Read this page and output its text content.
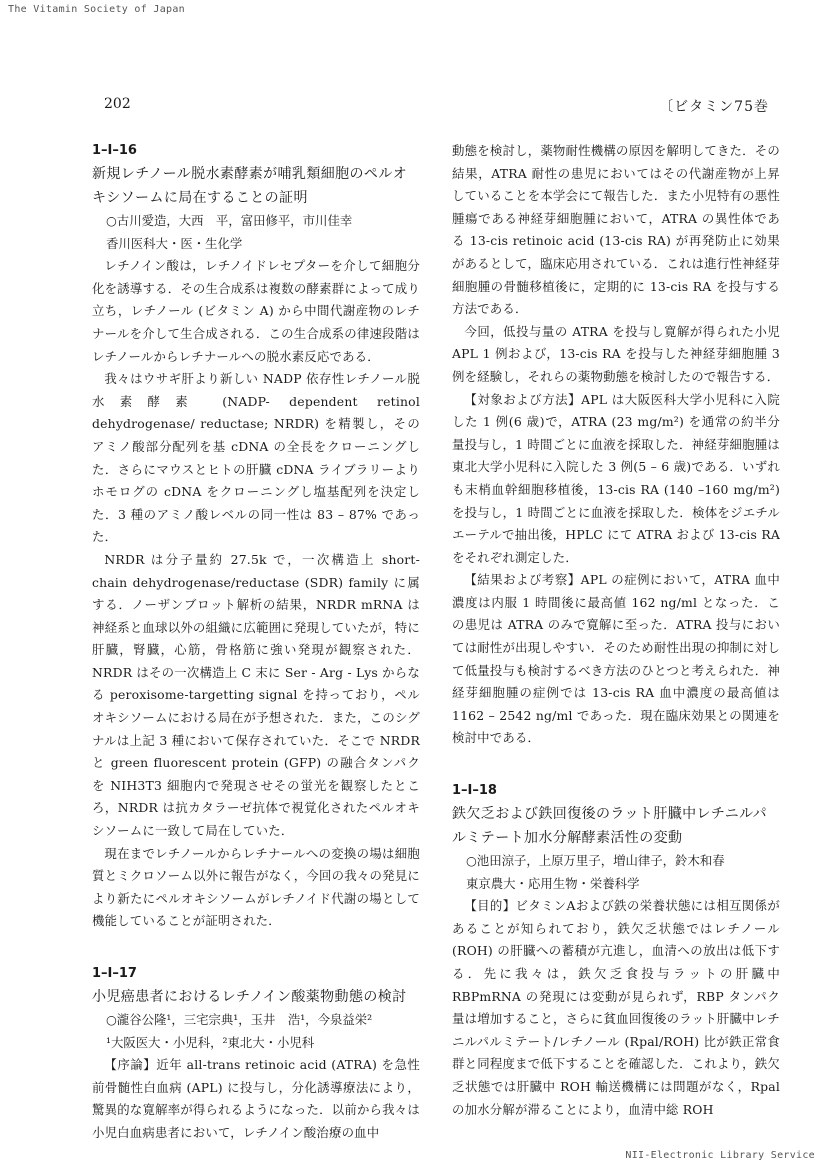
The Vitamin Society of Japan
202	〔ビタミン75巻

1–I–16

新規レチノール脱水素酵素が哺乳類細胞のペルオキシソームに局在することの証明

○古川愛造，大西　平，富田修平，市川佳幸

香川医科大・医・生化学

レチノイン酸は，レチノイドレセプターを介して細胞分化を誘導する．その生合成系は複数の酵素群によって成り立ち，レチノール (ビタミン A) から中間代謝産物のレチナールを介して生合成される．この生合成系の律速段階はレチノールからレチナールへの脱水素反応である．

我々はウサギ肝より新しい NADP 依存性レチノール脱水素酵素 (NADP- dependent retinol dehydrogenase/ reductase; NRDR) を精製し，そのアミノ酸部分配列を基 cDNA の全長をクローニングした．さらにマウスとヒトの肝臓 cDNA ライブラリーよりホモログの cDNA をクローニングし塩基配列を決定した．3 種のアミノ酸レベルの同一性は 83 – 87% であった．

NRDR は分子量約 27.5k で，一次構造上 short-chain dehydrogenase/reductase (SDR) family に属する．ノーザンブロット解析の結果，NRDR mRNA は神経系と血球以外の組織に広範囲に発現していたが，特に肝臓，腎臓，心筋，骨格筋に強い発現が観察された．NRDR はその一次構造上 C 末に Ser - Arg - Lys からなる peroxisome-targetting signal を持っており，ペルオキシソームにおける局在が予想された．また，このシグナルは上記 3 種において保存されていた．そこで NRDR と green fluorescent protein (GFP) の融合タンパクを NIH3T3 細胞内で発現させその蛍光を観察したところ，NRDR は抗カタラーゼ抗体で視覚化されたペルオキシソームに一致して局在していた．

現在までレチノールからレチナールへの変換の場は細胞質とミクロソーム以外に報告がなく，今回の我々の発見により新たにペルオキシソームがレチノイド代謝の場として機能していることが証明された．

1–I–17

小児癌患者におけるレチノイン酸薬物動態の検討

○瀧谷公隆¹，三宅宗典¹，玉井　浩¹，今泉益栄²

¹大阪医大・小児科，²東北大・小児科

【序論】近年 all-trans retinoic acid (ATRA) を急性前骨髄性白血病 (APL) に投与し，分化誘導療法により，驚異的な寛解率が得られるようになった．以前から我々は小児白血病患者において，レチノイン酸治療の血中

動態を検討し，薬物耐性機構の原因を解明してきた．その結果，ATRA 耐性の患児においてはその代謝産物が上昇していることを本学会にて報告した．また小児特有の悪性腫瘍である神経芽細胞腫において，ATRA の異性体である 13-cis retinoic acid (13-cis RA) が再発防止に効果があるとして，臨床応用されている．これは進行性神経芽細胞腫の骨髄移植後に，定期的に 13-cis RA を投与する方法である．

今回，低投与量の ATRA を投与し寛解が得られた小児 APL 1 例および，13-cis RA を投与した神経芽細胞腫 3 例を経験し，それらの薬物動態を検討したので報告する．

【対象および方法】APL は大阪医科大学小児科に入院した 1 例(6 歳)で，ATRA (23 mg/m²) を通常の約半分量投与し，1 時間ごとに血液を採取した．神経芽細胞腫は東北大学小児科に入院した 3 例(5 – 6 歳)である．いずれも末梢血幹細胞移植後，13-cis RA (140 –160 mg/m²) を投与し，1 時間ごとに血液を採取した．検体をジエチルエーテルで抽出後，HPLC にて ATRA および 13-cis RA をそれぞれ測定した．

【結果および考察】APL の症例において，ATRA 血中濃度は内服 1 時間後に最高値 162 ng/ml となった．この患児は ATRA のみで寛解に至った．ATRA 投与においては耐性が出現しやすい．そのため耐性出現の抑制に対して低量投与も検討するべき方法のひとつと考えられた．神経芽細胞腫の症例では 13-cis RA 血中濃度の最高値は 1162 – 2542 ng/ml であった．現在臨床効果との関連を検討中である．

1–I–18

鉄欠乏および鉄回復後のラット肝臓中レチニルパルミテート加水分解酵素活性の変動

○池田涼子，上原万里子，増山律子，鈴木和春

東京農大・応用生物・栄養科学

【目的】ビタミンAおよび鉄の栄養状態には相互関係があることが知られており，鉄欠乏状態ではレチノール (ROH) の肝臓への蓄積が亢進し，血清への放出は低下する．先に我々は，鉄欠乏食投与ラットの肝臓中 RBPmRNA の発現には変動が見られず，RBP タンパク量は増加すること，さらに貧血回復後のラット肝臓中レチニルパルミテート/レチノール (Rpal/ROH) 比が鉄正常食群と同程度まで低下することを確認した．これより，鉄欠乏状態では肝臓中 ROH 輸送機構には問題がなく，Rpal の加水分解が滞ることにより，血清中総 ROH

NII-Electronic Library Service
